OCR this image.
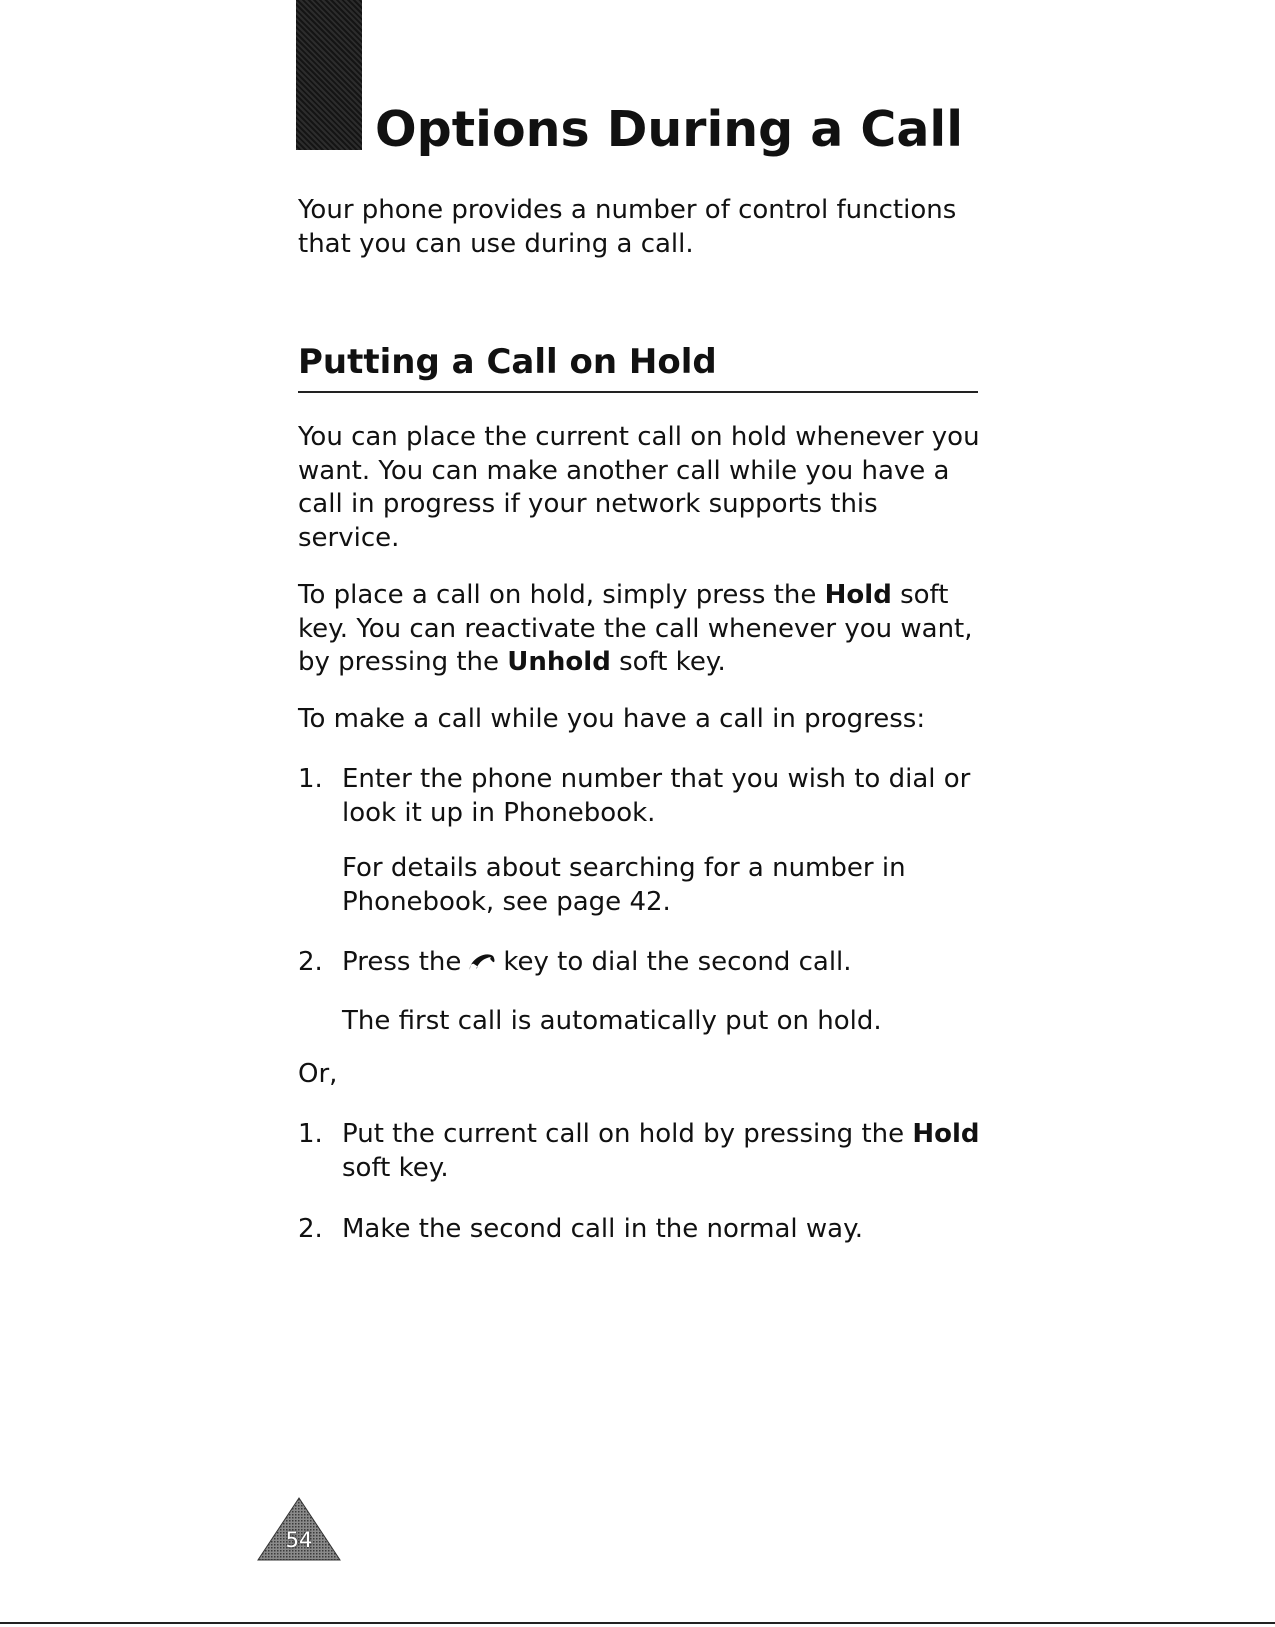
Options During a Call
Your phone provides a number of control functions
that you can use during a call.
Putting a Call on Hold
You can place the current call on hold whenever you
want. You can make another call while you have a
call in progress if your network supports this
service.
To place a call on hold, simply press the Hold soft
key. You can reactivate the call whenever you want,
by pressing the Unhold soft key.
To make a call while you have a call in progress:
1. Enter the phone number that you wish to dial or
look it up in Phonebook.
For details about searching for a number in
Phonebook, see page 42.
2. Press the key to dial the second call.
The first call is automatically put on hold.
Or,
1. Put the current call on hold by pressing the Hold
soft key.
2. Make the second call in the normal way.
54
